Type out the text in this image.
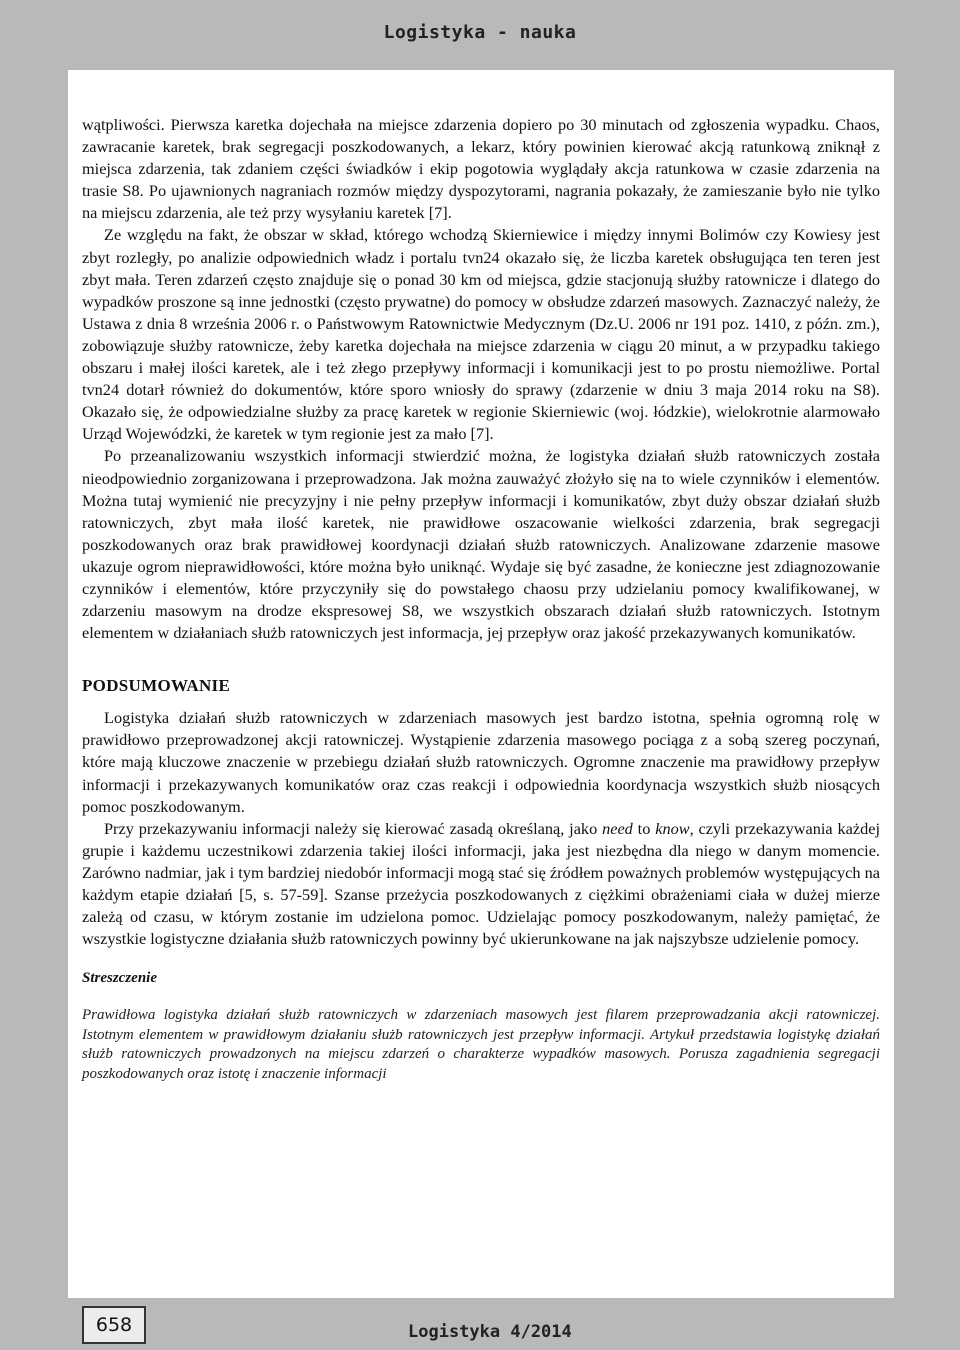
Logistyka - nauka

wątpliwości. Pierwsza karetka dojechała na miejsce zdarzenia dopiero po 30 minutach od zgłoszenia wypadku. Chaos, zawracanie karetek, brak segregacji poszkodowanych, a lekarz, który powinien kierować akcją ratunkową zniknął z miejsca zdarzenia, tak zdaniem części świadków i ekip pogotowia wyglądały akcja ratunkowa w czasie zdarzenia na trasie S8. Po ujawnionych nagraniach rozmów między dyspozytorami, nagrania pokazały, że zamieszanie było nie tylko na miejscu zdarzenia, ale też przy wysyłaniu karetek [7].

Ze względu na fakt, że obszar w skład, którego wchodzą Skierniewice i między innymi Bolimów czy Kowiesy jest zbyt rozległy, po analizie odpowiednich władz i portalu tvn24 okazało się, że liczba karetek obsługująca ten teren jest zbyt mała. Teren zdarzeń często znajduje się o ponad 30 km od miejsca, gdzie stacjonują służby ratownicze i dlatego do wypadków proszone są inne jednostki (często prywatne) do pomocy w obsłudze zdarzeń masowych. Zaznaczyć należy, że Ustawa z dnia 8 września 2006 r. o Państwowym Ratownictwie Medycznym (Dz.U. 2006 nr 191 poz. 1410, z późn. zm.), zobowiązuje służby ratownicze, żeby karetka dojechała na miejsce zdarzenia w ciągu 20 minut, a w przypadku takiego obszaru i małej ilości karetek, ale i też złego przepływy informacji i komunikacji jest to po prostu niemożliwe. Portal tvn24 dotarł również do dokumentów, które sporo wniosły do sprawy (zdarzenie w dniu 3 maja 2014 roku na S8). Okazało się, że odpowiedzialne służby za pracę karetek w regionie Skierniewic (woj. łódzkie), wielokrotnie alarmowało Urząd Wojewódzki, że karetek w tym regionie jest za mało [7].

Po przeanalizowaniu wszystkich informacji stwierdzić można, że logistyka działań służb ratowniczych została nieodpowiednio zorganizowana i przeprowadzona. Jak można zauważyć złożyło się na to wiele czynników i elementów. Można tutaj wymienić nie precyzyjny i nie pełny przepływ informacji i komunikatów, zbyt duży obszar działań służb ratowniczych, zbyt mała ilość karetek, nie prawidłowe oszacowanie wielkości zdarzenia, brak segregacji poszkodowanych oraz brak prawidłowej koordynacji działań służb ratowniczych. Analizowane zdarzenie masowe ukazuje ogrom nieprawidłowości, które można było uniknąć. Wydaje się być zasadne, że konieczne jest zdiagnozowanie czynników i elementów, które przyczyniły się do powstałego chaosu przy udzielaniu pomocy kwalifikowanej, w zdarzeniu masowym na drodze ekspresowej S8, we wszystkich obszarach działań służb ratowniczych. Istotnym elementem w działaniach służb ratowniczych jest informacja, jej przepływ oraz jakość przekazywanych komunikatów.

PODSUMOWANIE

Logistyka działań służb ratowniczych w zdarzeniach masowych jest bardzo istotna, spełnia ogromną rolę w prawidłowo przeprowadzonej akcji ratowniczej. Wystąpienie zdarzenia masowego pociąga z a sobą szereg poczynań, które mają kluczowe znaczenie w przebiegu działań służb ratowniczych. Ogromne znaczenie ma prawidłowy przepływ informacji i przekazywanych komunikatów oraz czas reakcji i odpowiednia koordynacja wszystkich służb niosących pomoc poszkodowanym.

Przy przekazywaniu informacji należy się kierować zasadą określaną, jako need to know, czyli przekazywania każdej grupie i każdemu uczestnikowi zdarzenia takiej ilości informacji, jaka jest niezbędna dla niego w danym momencie. Zarówno nadmiar, jak i tym bardziej niedobór informacji mogą stać się źródłem poważnych problemów występujących na każdym etapie działań [5, s. 57-59]. Szanse przeżycia poszkodowanych z ciężkimi obrażeniami ciała w dużej mierze zależą od czasu, w którym zostanie im udzielona pomoc. Udzielając pomocy poszkodowanym, należy pamiętać, że wszystkie logistyczne działania służb ratowniczych powinny być ukierunkowane na jak najszybsze udzielenie pomocy.

Streszczenie

Prawidłowa logistyka działań służb ratowniczych w zdarzeniach masowych jest filarem przeprowadzania akcji ratowniczej. Istotnym elementem w prawidłowym działaniu służb ratowniczych jest przepływ informacji. Artykuł przedstawia logistykę działań służb ratowniczych prowadzonych na miejscu zdarzeń o charakterze wypadków masowych. Porusza zagadnienia segregacji poszkodowanych oraz istotę i znaczenie informacji

658	Logistyka 4/2014
